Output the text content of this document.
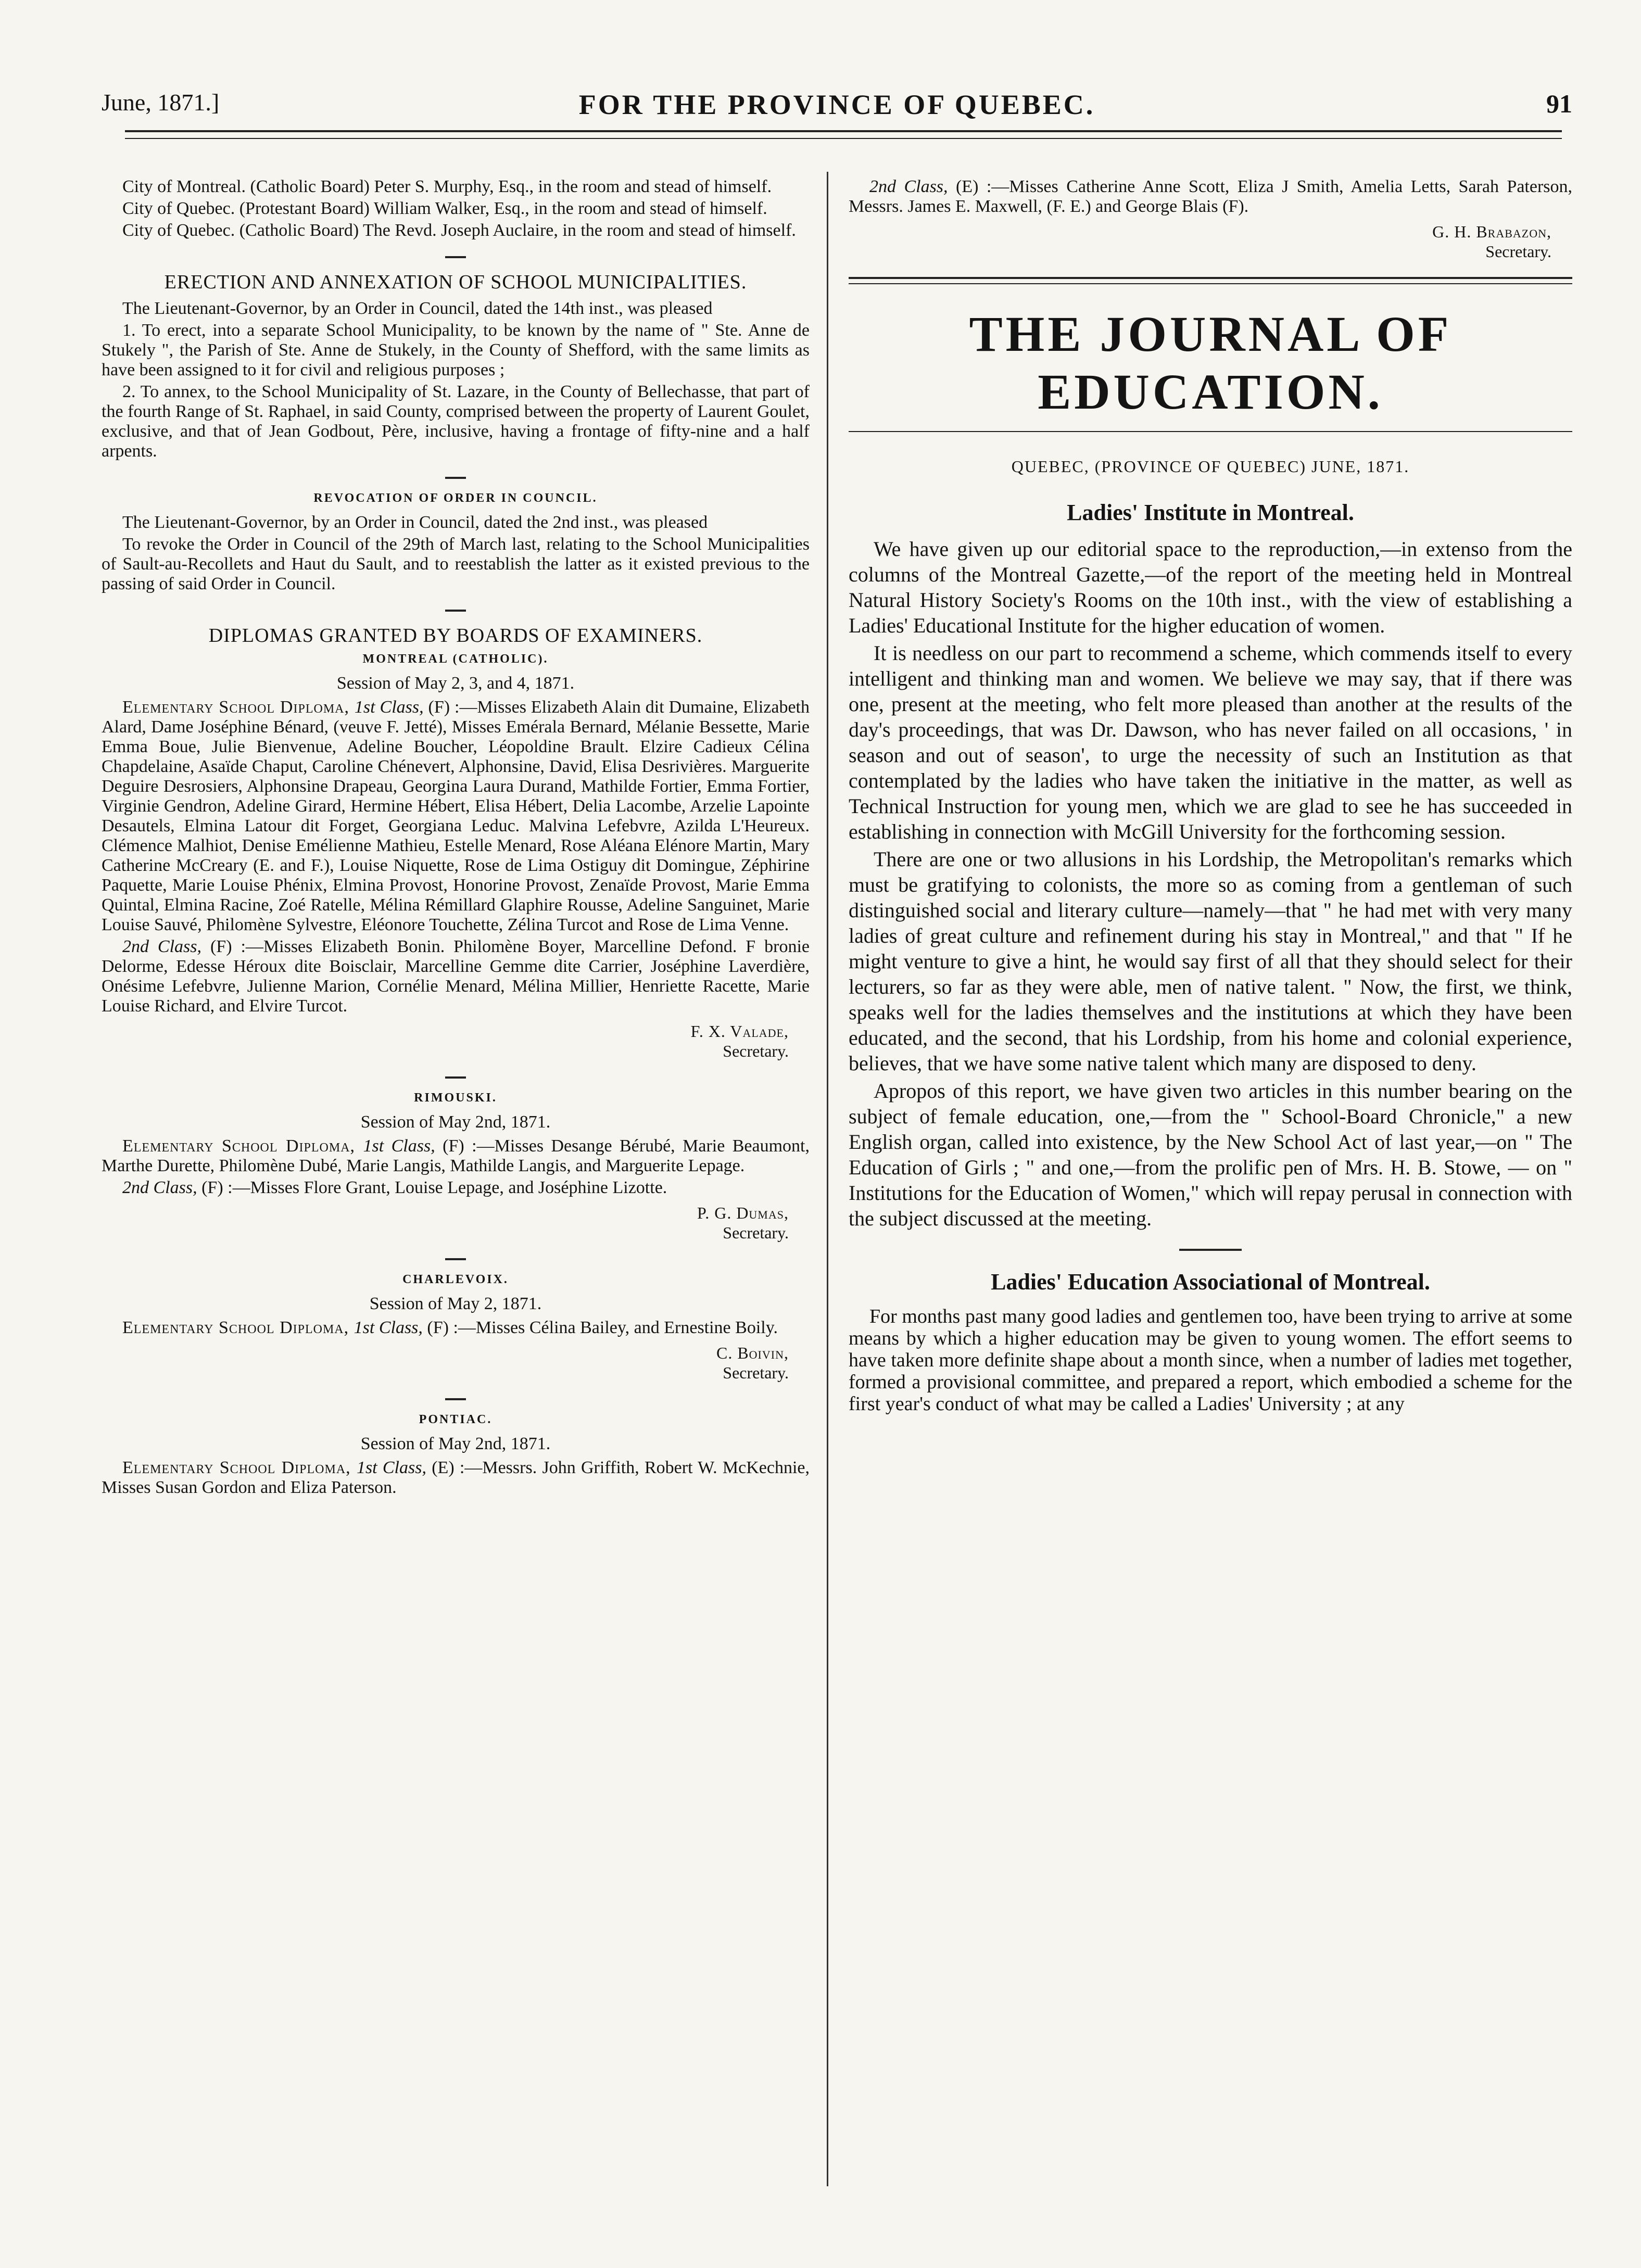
June, 1871.]	FOR THE PROVINCE OF QUEBEC.	91

City of Montreal. (Catholic Board) Peter S. Murphy, Esq., in the room and stead of himself.

City of Quebec. (Protestant Board) William Walker, Esq., in the room and stead of himself.

City of Quebec. (Catholic Board) The Revd. Joseph Auclaire, in the room and stead of himself.

ERECTION AND ANNEXATION OF SCHOOL MUNICIPALITIES.

The Lieutenant-Governor, by an Order in Council, dated the 14th inst., was pleased

1. To erect, into a separate School Municipality, to be known by the name of " Ste. Anne de Stukely ", the Parish of Ste. Anne de Stukely, in the County of Shefford, with the same limits as have been assigned to it for civil and religious purposes ;

2. To annex, to the School Municipality of St. Lazare, in the County of Bellechasse, that part of the fourth Range of St. Raphael, in said County, comprised between the property of Laurent Goulet, exclusive, and that of Jean Godbout, Père, inclusive, having a frontage of fifty-nine and a half arpents.

REVOCATION OF ORDER IN COUNCIL.

The Lieutenant-Governor, by an Order in Council, dated the 2nd inst., was pleased

To revoke the Order in Council of the 29th of March last, relating to the School Municipalities of Sault-au-Recollets and Haut du Sault, and to reestablish the latter as it existed previous to the passing of said Order in Council.

DIPLOMAS GRANTED BY BOARDS OF EXAMINERS.
MONTREAL (CATHOLIC).
Session of May 2, 3, and 4, 1871.

Elementary School Diploma, 1st Class, (F) :—Misses Elizabeth Alain dit Dumaine, Elizabeth Alard, Dame Joséphine Bénard, (veuve F. Jetté), Misses Emérala Bernard, Mélanie Bessette, Marie Emma Boue, Julie Bienvenue, Adeline Boucher, Léopoldine Brault. Elzire Cadieux Célina Chapdelaine, Asaïde Chaput, Caroline Chénevert, Alphonsine, David, Elisa Desrivières. Marguerite Deguire Desrosiers, Alphonsine Drapeau, Georgina Laura Durand, Mathilde Fortier, Emma Fortier, Virginie Gendron, Adeline Girard, Hermine Hébert, Elisa Hébert, Delia Lacombe, Arzelie Lapointe Desautels, Elmina Latour dit Forget, Georgiana Leduc. Malvina Lefebvre, Azilda L'Heureux. Clémence Malhiot, Denise Emélienne Mathieu, Estelle Menard, Rose Aléana Elénore Martin, Mary Catherine McCreary (E. and F.), Louise Niquette, Rose de Lima Ostiguy dit Domingue, Zéphirine Paquette, Marie Louise Phénix, Elmina Provost, Honorine Provost, Zenaïde Provost, Marie Emma Quintal, Elmina Racine, Zoé Ratelle, Mélina Rémillard Glaphire Rousse, Adeline Sanguinet, Marie Louise Sauvé, Philomène Sylvestre, Eléonore Touchette, Zélina Turcot and Rose de Lima Venne.

2nd Class, (F) :—Misses Elizabeth Bonin. Philomène Boyer, Marcelline Defond. F bronie Delorme, Edesse Héroux dite Boisclair, Marcelline Gemme dite Carrier, Joséphine Laverdière, Onésime Lefebvre, Julienne Marion, Cornélie Menard, Mélina Millier, Henriette Racette, Marie Louise Richard, and Elvire Turcot.

F. X. Valade,
Secretary.
RIMOUSKI.
Session of May 2nd, 1871.

Elementary School Diploma, 1st Class, (F) :—Misses Desange Bérubé, Marie Beaumont, Marthe Durette, Philomène Dubé, Marie Langis, Mathilde Langis, and Marguerite Lepage.

2nd Class, (F) :—Misses Flore Grant, Louise Lepage, and Joséphine Lizotte.

P. G. Dumas,
Secretary.
CHARLEVOIX.
Session of May 2, 1871.

Elementary School Diploma, 1st Class, (F) :—Misses Célina Bailey, and Ernestine Boily.

C. Boivin,
Secretary.
PONTIAC.
Session of May 2nd, 1871.

Elementary School Diploma, 1st Class, (E) :—Messrs. John Griffith, Robert W. McKechnie, Misses Susan Gordon and Eliza Paterson.

2nd Class, (E) :—Misses Catherine Anne Scott, Eliza J Smith, Amelia Letts, Sarah Paterson, Messrs. James E. Maxwell, (F. E.) and George Blais (F).

G. H. Brabazon,
Secretary.
THE JOURNAL OF EDUCATION.
QUEBEC, (PROVINCE OF QUEBEC) JUNE, 1871.
Ladies' Institute in Montreal.

We have given up our editorial space to the reproduction,—in extenso from the columns of the Montreal Gazette,—of the report of the meeting held in Montreal Natural History Society's Rooms on the 10th inst., with the view of establishing a Ladies' Educational Institute for the higher education of women.

It is needless on our part to recommend a scheme, which commends itself to every intelligent and thinking man and women. We believe we may say, that if there was one, present at the meeting, who felt more pleased than another at the results of the day's proceedings, that was Dr. Dawson, who has never failed on all occasions, ' in season and out of season', to urge the necessity of such an Institution as that contemplated by the ladies who have taken the initiative in the matter, as well as Technical Instruction for young men, which we are glad to see he has succeeded in establishing in connection with McGill University for the forthcoming session.

There are one or two allusions in his Lordship, the Metropolitan's remarks which must be gratifying to colonists, the more so as coming from a gentleman of such distinguished social and literary culture—namely—that " he had met with very many ladies of great culture and refinement during his stay in Montreal," and that " If he might venture to give a hint, he would say first of all that they should select for their lecturers, so far as they were able, men of native talent. " Now, the first, we think, speaks well for the ladies themselves and the institutions at which they have been educated, and the second, that his Lordship, from his home and colonial experience, believes, that we have some native talent which many are disposed to deny.

Apropos of this report, we have given two articles in this number bearing on the subject of female education, one,—from the " School-Board Chronicle," a new English organ, called into existence, by the New School Act of last year,—on " The Education of Girls ; " and one,—from the prolific pen of Mrs. H. B. Stowe, — on " Institutions for the Education of Women," which will repay perusal in connection with the subject discussed at the meeting.

Ladies' Education Associational of Montreal.

For months past many good ladies and gentlemen too, have been trying to arrive at some means by which a higher education may be given to young women. The effort seems to have taken more definite shape about a month since, when a number of ladies met together, formed a provisional committee, and prepared a report, which embodied a scheme for the first year's conduct of what may be called a Ladies' University ; at any
